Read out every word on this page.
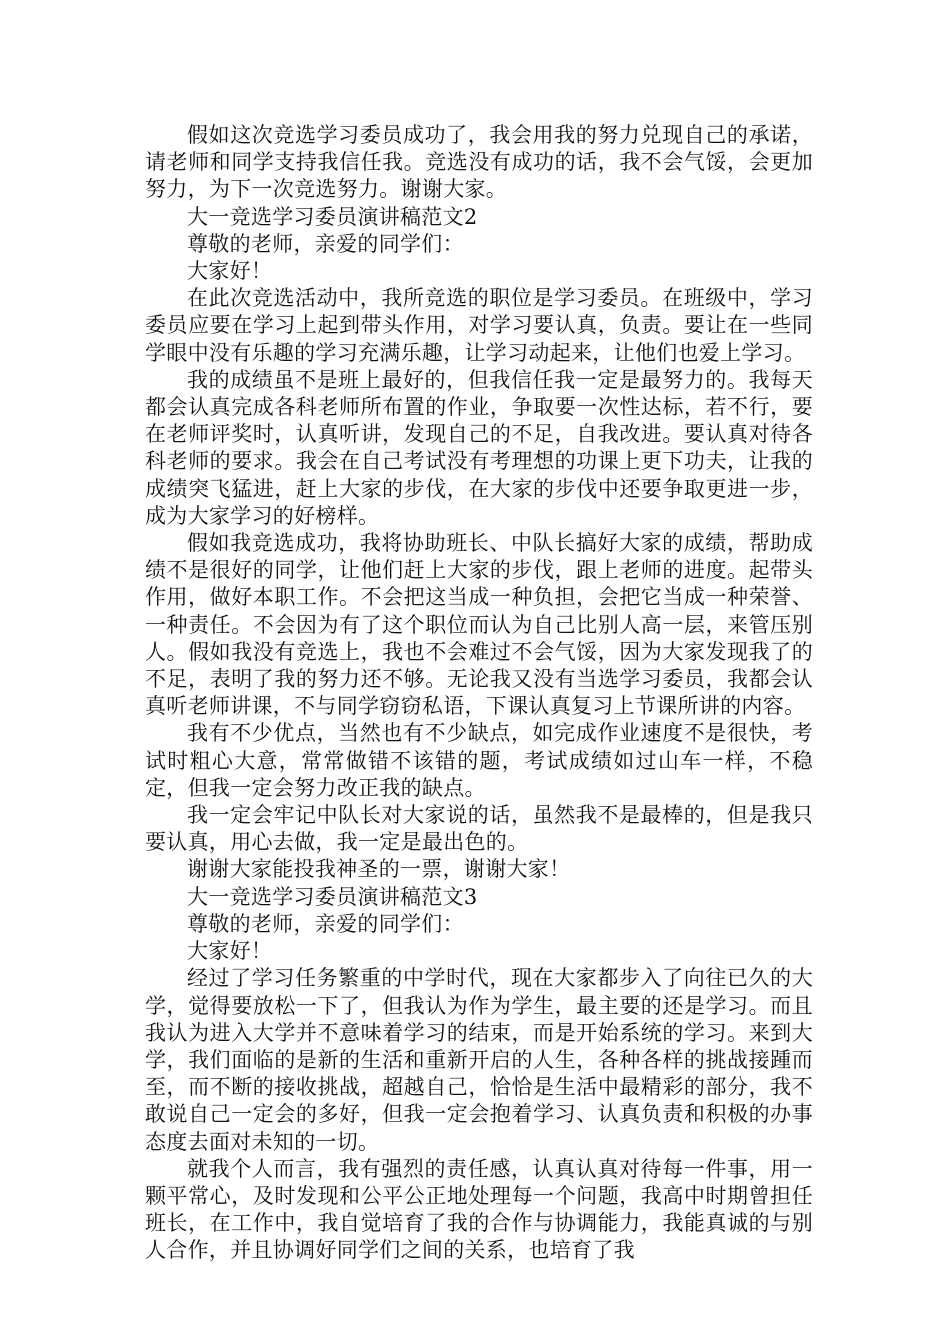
假如这次竞选学习委员成功了，我会用我的努力兑现自己的承诺，请老师和同学支持我信任我。竞选没有成功的话，我不会气馁，会更加努力，为下一次竞选努力。谢谢大家。

大一竞选学习委员演讲稿范文2

尊敬的老师，亲爱的同学们：

大家好！

在此次竞选活动中，我所竞选的职位是学习委员。在班级中，学习委员应要在学习上起到带头作用，对学习要认真，负责。要让在一些同学眼中没有乐趣的学习充满乐趣，让学习动起来，让他们也爱上学习。

我的成绩虽不是班上最好的，但我信任我一定是最努力的。我每天都会认真完成各科老师所布置的作业，争取要一次性达标，若不行，要在老师评奖时，认真听讲，发现自己的不足，自我改进。要认真对待各科老师的要求。我会在自己考试没有考理想的功课上更下功夫，让我的成绩突飞猛进，赶上大家的步伐，在大家的步伐中还要争取更进一步，成为大家学习的好榜样。

假如我竞选成功，我将协助班长、中队长搞好大家的成绩，帮助成绩不是很好的同学，让他们赶上大家的步伐，跟上老师的进度。起带头作用，做好本职工作。不会把这当成一种负担，会把它当成一种荣誉、一种责任。不会因为有了这个职位而认为自己比别人高一层，来管压别人。假如我没有竞选上，我也不会难过不会气馁，因为大家发现我了的不足，表明了我的努力还不够。无论我又没有当选学习委员，我都会认真听老师讲课，不与同学窃窃私语，下课认真复习上节课所讲的内容。

我有不少优点，当然也有不少缺点，如完成作业速度不是很快，考试时粗心大意，常常做错不该错的题，考试成绩如过山车一样，不稳定，但我一定会努力改正我的缺点。

我一定会牢记中队长对大家说的话，虽然我不是最棒的，但是我只要认真，用心去做，我一定是最出色的。

谢谢大家能投我神圣的一票，谢谢大家！

大一竞选学习委员演讲稿范文3

尊敬的老师，亲爱的同学们：

大家好！

经过了学习任务繁重的中学时代，现在大家都步入了向往已久的大学，觉得要放松一下了，但我认为作为学生，最主要的还是学习。而且我认为进入大学并不意味着学习的结束，而是开始系统的学习。来到大学，我们面临的是新的生活和重新开启的人生，各种各样的挑战接踵而至，而不断的接收挑战，超越自己，恰恰是生活中最精彩的部分，我不敢说自己一定会的多好，但我一定会抱着学习、认真负责和积极的办事态度去面对未知的一切。

就我个人而言，我有强烈的责任感，认真认真对待每一件事，用一颗平常心，及时发现和公平公正地处理每一个问题，我高中时期曾担任班长，在工作中，我自觉培育了我的合作与协调能力，我能真诚的与别人合作，并且协调好同学们之间的关系，也培育了我
